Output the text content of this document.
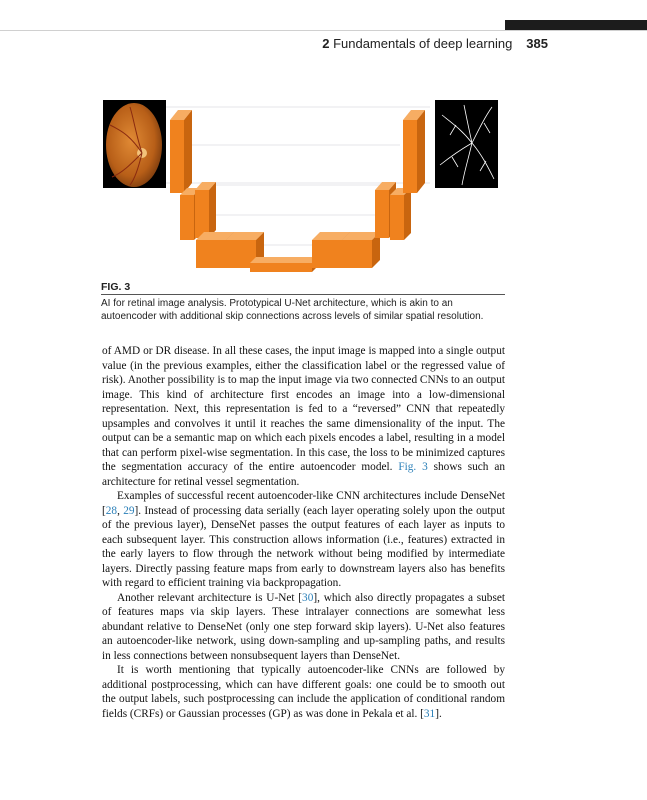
2 Fundamentals of deep learning 385
FIG. 3
AI for retinal image analysis. Prototypical U-Net architecture, which is akin to an autoencoder with additional skip connections across levels of similar spatial resolution.

of AMD or DR disease. In all these cases, the input image is mapped into a single output value (in the previous examples, either the classification label or the regressed value of risk). Another possibility is to map the input image via two connected CNNs to an output image. This kind of architecture first encodes an image into a low-dimensional representation. Next, this representation is fed to a “reversed” CNN that repeatedly upsamples and convolves it until it reaches the same dimensionality of the input. The output can be a semantic map on which each pixels encodes a label, resulting in a model that can perform pixel-wise segmentation. In this case, the loss to be minimized captures the segmentation accuracy of the entire autoencoder model. Fig. 3 shows such an architecture for retinal vessel segmentation.

Examples of successful recent autoencoder-like CNN architectures include DenseNet [28, 29]. Instead of processing data serially (each layer operating solely upon the output of the previous layer), DenseNet passes the output features of each layer as inputs to each subsequent layer. This construction allows information (i.e., features) extracted in the early layers to flow through the network without being modified by intermediate layers. Directly passing feature maps from early to downstream layers also has benefits with regard to efficient training via backpropagation.

Another relevant architecture is U-Net [30], which also directly propagates a subset of features maps via skip layers. These intralayer connections are somewhat less abundant relative to DenseNet (only one step forward skip layers). U-Net also features an autoencoder-like network, using down-sampling and up-sampling paths, and results in less connections between nonsubsequent layers than DenseNet.

It is worth mentioning that typically autoencoder-like CNNs are followed by additional postprocessing, which can have different goals: one could be to smooth out the output labels, such postprocessing can include the application of conditional random fields (CRFs) or Gaussian processes (GP) as was done in Pekala et al. [31].
